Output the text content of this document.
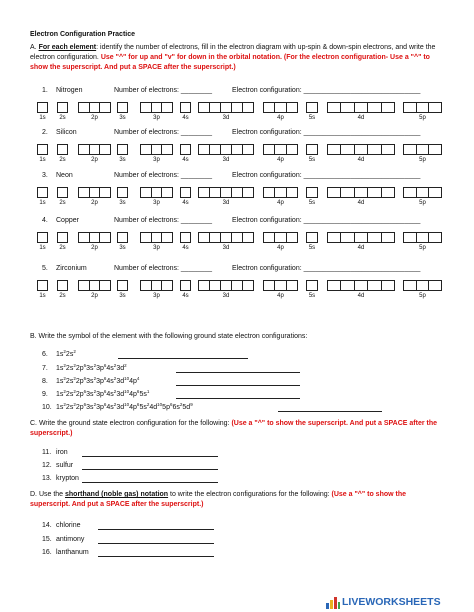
Electron Configuration Practice
A. For each element: identify the number of electrons, fill in the electron diagram with up-spin & down-spin electrons, and write the electron configuration. Use "^" for up and "v" for down in the orbital notation. (For the electron configuration- Use a "^" to show the superscript. And put a SPACE after the superscript.)
1. Nitrogen	Number of electrons: ________	Electron configuration: ______________________________
1s	2s	2p	3s	3p	4s	3d	4p	5s	4d	5p
2. Silicon	Number of electrons: ________	Electron configuration: ______________________________
1s	2s	2p	3s	3p	4s	3d	4p	5s	4d	5p
3. Neon	Number of electrons: ________	Electron configuration: ______________________________
1s	2s	2p	3s	3p	4s	3d	4p	5s	4d	5p
4. Copper	Number of electrons: ________	Electron configuration: ______________________________
1s	2s	2p	3s	3p	4s	3d	4p	5s	4d	5p
5. Zirconium	Number of electrons: ________	Electron configuration: ______________________________
1s	2s	2p	3s	3p	4s	3d	4p	5s	4d	5p
B. Write the symbol of the element with the following ground state electron configurations:
6. $1s^22s^2$
7. $1s^22s^22p^63s^23p^64s^23d^2$
8. $1s^22s^22p^63s^23p^64s^23d^{10}4p^4$
9. $1s^22s^22p^63s^23p^64s^23d^{10}4p^65s^1$
10. $1s^22s^22p^63s^23p^64s^23d^{10}4p^65s^24d^{10}5p^66s^25d^9$
C. Write the ground state electron configuration for the following: (Use a "^" to show the superscript. And put a SPACE after the superscript.)
11. iron
12. sulfur
13. krypton
D. Use the shorthand (noble gas) notation to write the electron configurations for the following: (Use a "^" to show the superscript. And put a SPACE after the superscript.)
14. chlorine
15. antimony
16. lanthanum
LIVEWORKSHEETS
